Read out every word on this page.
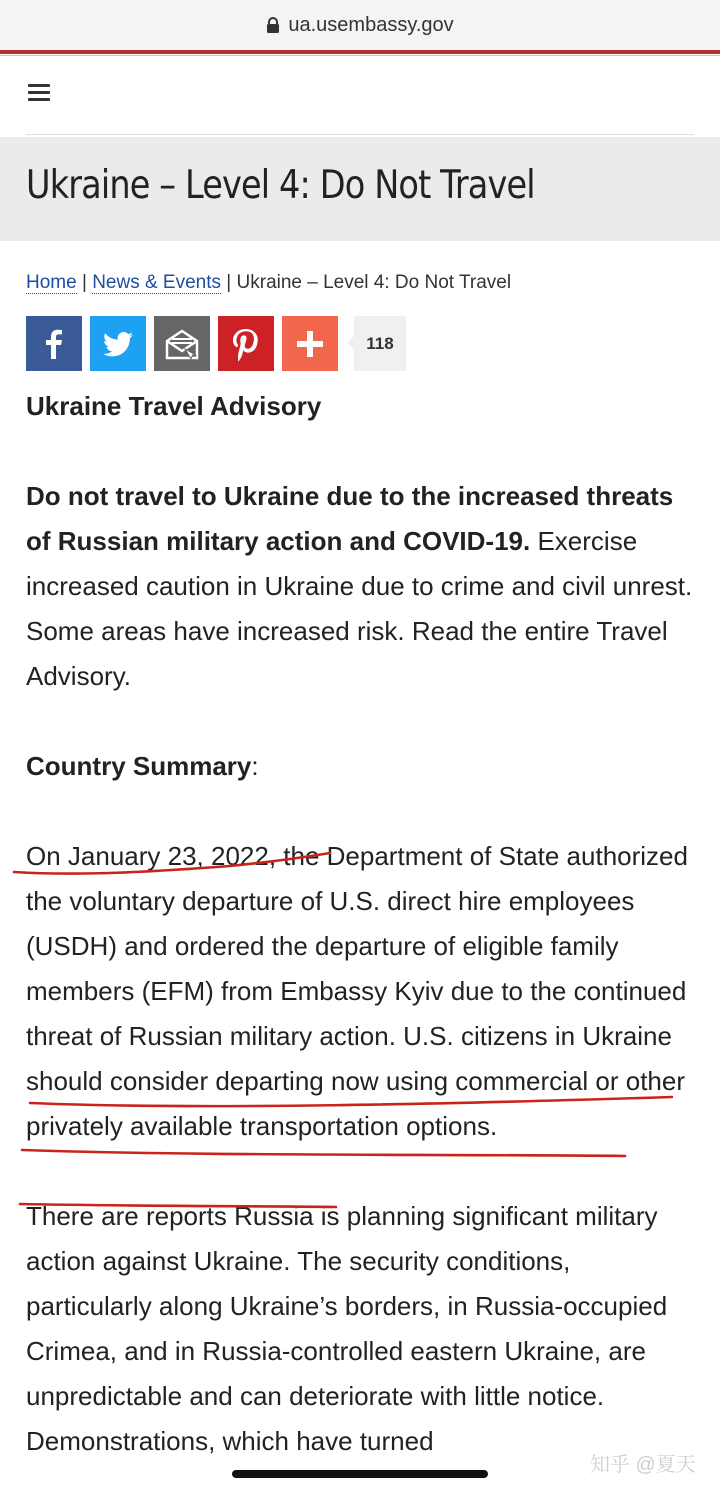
ua.usembassy.gov
Ukraine – Level 4: Do Not Travel
Home | News & Events | Ukraine – Level 4: Do Not Travel
118

Ukraine Travel Advisory

Do not travel to Ukraine due to the increased threats of Russian military action and COVID-19. Exercise increased caution in Ukraine due to crime and civil unrest. Some areas have increased risk. Read the entire Travel Advisory.

Country Summary:

On January 23, 2022, the Department of State authorized the voluntary departure of U.S. direct hire employees (USDH) and ordered the departure of eligible family members (EFM) from Embassy Kyiv due to the continued threat of Russian military action. U.S. citizens in Ukraine should consider departing now using commercial or other privately available transportation options.

There are reports Russia is planning significant military action against Ukraine. The security conditions, particularly along Ukraine’s borders, in Russia-occupied Crimea, and in Russia-controlled eastern Ukraine, are unpredictable and can deteriorate with little notice. Demonstrations, which have turned

知乎 @夏天
